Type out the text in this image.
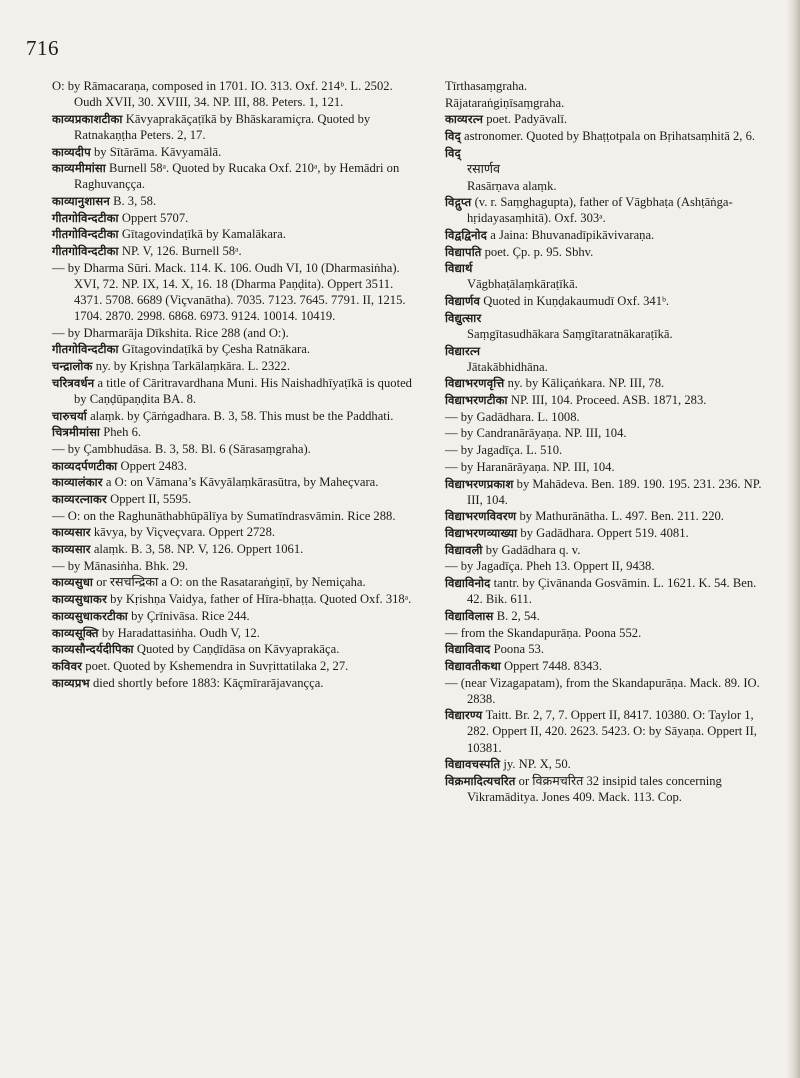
716
O: by Rāmacaraṇa, composed in 1701. IO. 313. Oxf. 214ᵇ. L. 2502. Oudh XVII, 30. XVIII, 34. NP. III, 88. Peters. 1, 121.
काव्यप्रकाशटीका Kāvyaprakāçaṭīkā by Bhāskaramiçra. Quoted by Ratnakaṇṭha Peters. 2, 17.
काव्यदीप by Sītārāma. Kāvyamālā.
काव्यमीमांसा Burnell 58ᵃ. Quoted by Rucaka Oxf. 210ᵃ, by Hemādri on Raghuvançça.
काव्यानुशासन B. 3, 58.
गीतगोविन्दटीका Oppert 5707.
गीतगोविन्दटीका Gītagovindaṭīkā by Kamalākara.
गीतगोविन्दटीका NP. V, 126. Burnell 58ᵃ.
— by Dharma Sūri. Mack. 114. K. 106. Oudh VI, 10 (Dharmasiṅha). XVI, 72. NP. IX, 14. X, 16. 18 (Dharma Paṇḍita). Oppert 3511. 4371. 5708. 6689 (Viçvanātha). 7035. 7123. 7645. 7791. II, 1215. 1704. 2870. 2998. 6868. 6973. 9124. 10014. 10419.
— by Dharmarāja Dīkshita. Rice 288 (and O:).
गीतगोविन्दटीका Gītagovindaṭīkā by Çesha Ratnākara.
चन्द्रालोक ny. by Kṛishṇa Tarkālaṃkāra. L. 2322.
चरित्रवर्धन a title of Cāritravardhana Muni. His Naishadhīyaṭīkā is quoted by Caṇḍūpaṇḍita BA. 8.
चारुचर्या alaṃk. by Çārṅgadhara. B. 3, 58. This must be the Paddhati.
चित्रमीमांसा Pheh 6.
— by Çambhudāsa. B. 3, 58. Bl. 6 (Sārasaṃgraha).
काव्यदर्पणटीका Oppert 2483.
काव्यालंकार a O: on Vāmana’s Kāvyālaṃkārasūtra, by Maheçvara.
काव्यरत्नाकर Oppert II, 5595.
— O: on the Raghunāthabhūpālīya by Sumatīndrasvāmin. Rice 288.
काव्यसार kāvya, by Viçveçvara. Oppert 2728.
काव्यसार alaṃk. B. 3, 58. NP. V, 126. Oppert 1061.
— by Mānasiṅha. Bhk. 29.
काव्यसुधा or रसचन्द्रिका a O: on the Rasataraṅgiṇī, by Nemiçaha.
काव्यसुधाकर by Kṛishṇa Vaidya, father of Hīra-bhaṭṭa. Quoted Oxf. 318ᵃ.
काव्यसुधाकरटीका by Çrīnivāsa. Rice 244.
काव्यसूक्ति by Haradattasiṅha. Oudh V, 12.
काव्यसौन्दर्यदीपिका Quoted by Caṇḍīdāsa on Kāvyaprakāça.
कविवर poet. Quoted by Kshemendra in Suvṛittatilaka 2, 27.
काव्यप्रभ died shortly before 1883: Kāçmīrarājavançça.
Tīrthasaṃgraha.
Rājataraṅgiṇīsaṃgraha.
काव्यरत्न poet. Padyāvalī.
विद् astronomer. Quoted by Bhaṭṭotpala on Bṛihatsaṃhitā 2, 6.
विद्
रसार्णव
Rasārṇava alaṃk.
विद्गुप्त (v. r. Saṃghagupta), father of Vāgbhaṭa (Ashṭāṅga-hṛidayasaṃhitā). Oxf. 303ᵃ.
विद्वद्विनोद a Jaina: Bhuvanadīpikāvivaraṇa.
विद्यापति poet. Çp. p. 95. Sbhv.
विद्यार्थ
Vāgbhaṭālaṃkāraṭīkā.
विद्यार्णव Quoted in Kuṇḍakaumudī Oxf. 341ᵇ.
विद्युत्सार
Saṃgītasudhākara Saṃgītaratnākaraṭīkā.
विद्यारत्न
Jātakābhidhāna.
विद्याभरणवृत्ति ny. by Kāliçaṅkara. NP. III, 78.
विद्याभरणटीका NP. III, 104. Proceed. ASB. 1871, 283.
— by Gadādhara. L. 1008.
— by Candranārāyaṇa. NP. III, 104.
— by Jagadīça. L. 510.
— by Haranārāyaṇa. NP. III, 104.
विद्याभरणप्रकाश by Mahādeva. Ben. 189. 190. 195. 231. 236. NP. III, 104.
विद्याभरणविवरण by Mathurānātha. L. 497. Ben. 211. 220.
विद्याभरणव्याख्या by Gadādhara. Oppert 519. 4081.
विद्यावली by Gadādhara q. v.
— by Jagadīça. Pheh 13. Oppert II, 9438.
विद्याविनोद tantr. by Çivānanda Gosvāmin. L. 1621. K. 54. Ben. 42. Bik. 611.
विद्याविलास B. 2, 54.
— from the Skandapurāṇa. Poona 552.
विद्याविवाद Poona 53.
विद्यावतीकथा Oppert 7448. 8343.
— (near Vizagapatam), from the Skandapurāṇa. Mack. 89. IO. 2838.
विद्यारण्य Taitt. Br. 2, 7, 7. Oppert II, 8417. 10380. O: Taylor 1, 282. Oppert II, 420. 2623. 5423. O: by Sāyaṇa. Oppert II, 10381.
विद्यावचस्पति jy. NP. X, 50.
विक्रमादित्यचरित or विक्रमचरित 32 insipid tales concerning Vikramāditya. Jones 409. Mack. 113. Cop.
